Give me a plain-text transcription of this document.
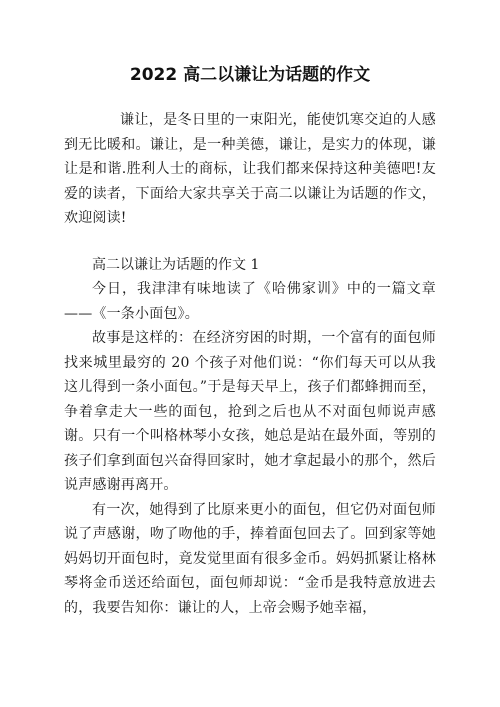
2022 高二以谦让为话题的作文

谦让，是冬日里的一束阳光，能使饥寒交迫的人感到无比暖和。谦让，是一种美德，谦让，是实力的体现，谦让是和谐.胜利人士的商标，让我们都来保持这种美德吧!友爱的读者，下面给大家共享关于高二以谦让为话题的作文，欢迎阅读!

高二以谦让为话题的作文 1

今日，我津津有味地读了《哈佛家训》中的一篇文章——《一条小面包》。

故事是这样的：在经济穷困的时期，一个富有的面包师找来城里最穷的 20 个孩子对他们说：“你们每天可以从我这儿得到一条小面包。”于是每天早上，孩子们都蜂拥而至，争着拿走大一些的面包，抢到之后也从不对面包师说声感谢。只有一个叫格林琴小女孩，她总是站在最外面，等别的孩子们拿到面包兴奋得回家时，她才拿起最小的那个，然后说声感谢再离开。

有一次，她得到了比原来更小的面包，但它仍对面包师说了声感谢，吻了吻他的手，捧着面包回去了。回到家等她妈妈切开面包时，竟发觉里面有很多金币。妈妈抓紧让格林琴将金币送还给面包，面包师却说：“金币是我特意放进去的，我要告知你：谦让的人，上帝会赐予她幸福，
